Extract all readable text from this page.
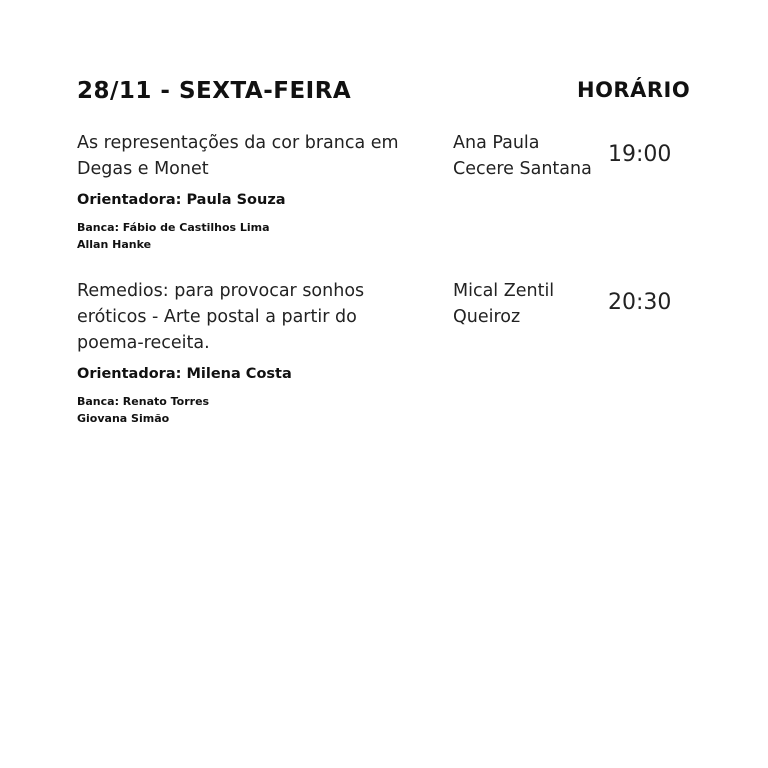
28/11 - SEXTA-FEIRA	HORÁRIO
As representações da cor branca em Degas e Monet
Ana Paula
Cecere Santana
19:00
Orientadora: Paula Souza
Banca: Fábio de Castilhos Lima
Allan Hanke
Remedios: para provocar sonhos eróticos - Arte postal a partir do poema-receita.
Mical Zentil
Queiroz
20:30
Orientadora: Milena Costa
Banca: Renato Torres
Giovana Simão
